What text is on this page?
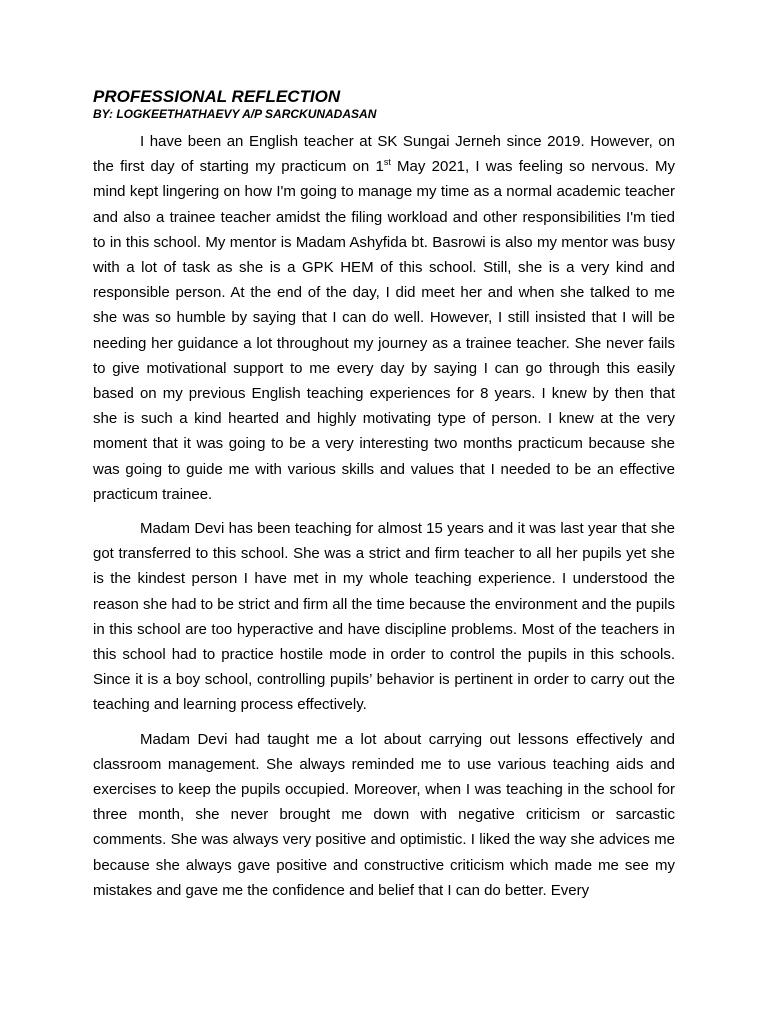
PROFESSIONAL REFLECTION
BY: LOGKEETHATHAEVY A/P SARCKUNADASAN

I have been an English teacher at SK Sungai Jerneh since 2019. However, on the first day of starting my practicum on 1st May 2021, I was feeling so nervous. My mind kept lingering on how I'm going to manage my time as a normal academic teacher and also a trainee teacher amidst the filing workload and other responsibilities I'm tied to in this school. My mentor is Madam Ashyfida bt. Basrowi is also my mentor was busy with a lot of task as she is a GPK HEM of this school. Still, she is a very kind and responsible person. At the end of the day, I did meet her and when she talked to me she was so humble by saying that I can do well. However, I still insisted that I will be needing her guidance a lot throughout my journey as a trainee teacher. She never fails to give motivational support to me every day by saying I can go through this easily based on my previous English teaching experiences for 8 years. I knew by then that she is such a kind hearted and highly motivating type of person. I knew at the very moment that it was going to be a very interesting two months practicum because she was going to guide me with various skills and values that I needed to be an effective practicum trainee.

Madam Devi has been teaching for almost 15 years and it was last year that she got transferred to this school. She was a strict and firm teacher to all her pupils yet she is the kindest person I have met in my whole teaching experience. I understood the reason she had to be strict and firm all the time because the environment and the pupils in this school are too hyperactive and have discipline problems. Most of the teachers in this school had to practice hostile mode in order to control the pupils in this schools. Since it is a boy school, controlling pupils’ behavior is pertinent in order to carry out the teaching and learning process effectively.

Madam Devi had taught me a lot about carrying out lessons effectively and classroom management. She always reminded me to use various teaching aids and exercises to keep the pupils occupied. Moreover, when I was teaching in the school for three month, she never brought me down with negative criticism or sarcastic comments. She was always very positive and optimistic. I liked the way she advices me because she always gave positive and constructive criticism which made me see my mistakes and gave me the confidence and belief that I can do better. Every
